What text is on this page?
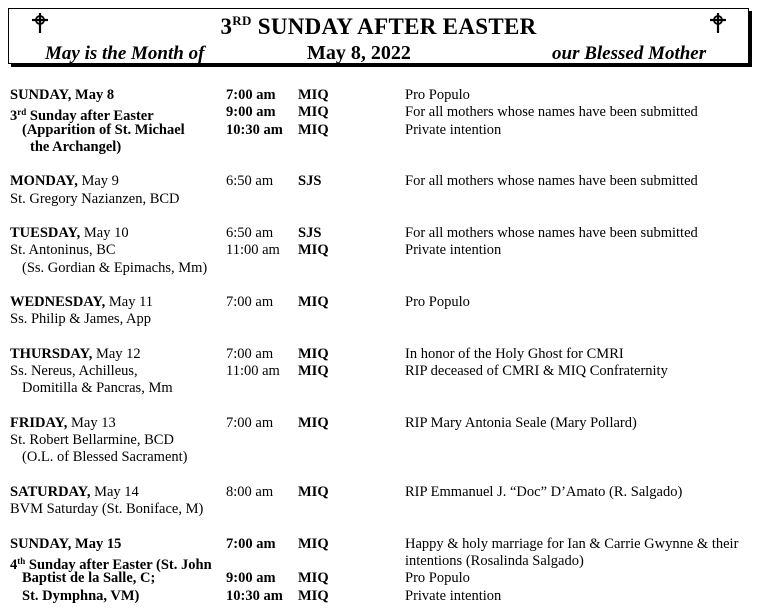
3RD SUNDAY AFTER EASTER
May is the Month of	May 8, 2022	our Blessed Mother
SUNDAY, May 8
3rd Sunday after Easter
(Apparition of St. Michael
the Archangel)
7:00 am MIQ	Pro Populo
9:00 am MIQ	For all mothers whose names have been submitted
10:30 am MIQ	Private intention
MONDAY, May 9
St. Gregory Nazianzen, BCD
6:50 am SJS	For all mothers whose names have been submitted
TUESDAY, May 10
St. Antoninus, BC
(Ss. Gordian & Epimachs, Mm)
6:50 am SJS	For all mothers whose names have been submitted
11:00 am MIQ	Private intention
WEDNESDAY, May 11
Ss. Philip & James, App
7:00 am MIQ	Pro Populo
THURSDAY, May 12
Ss. Nereus, Achilleus,
Domitilla & Pancras, Mm
7:00 am MIQ	In honor of the Holy Ghost for CMRI
11:00 am MIQ	RIP deceased of CMRI & MIQ Confraternity
FRIDAY, May 13
St. Robert Bellarmine, BCD
(O.L. of Blessed Sacrament)
7:00 am MIQ	RIP Mary Antonia Seale (Mary Pollard)
SATURDAY, May 14
BVM Saturday (St. Boniface, M)
8:00 am MIQ	RIP Emmanuel J. “Doc” D’Amato (R. Salgado)
SUNDAY, May 15
4th Sunday after Easter (St. John
Baptist de la Salle, C;
St. Dymphna, VM)
7:00 am MIQ	Happy & holy marriage for Ian & Carrie Gwynne & their
intentions (Rosalinda Salgado)
9:00 am MIQ	Pro Populo
10:30 am MIQ	Private intention
